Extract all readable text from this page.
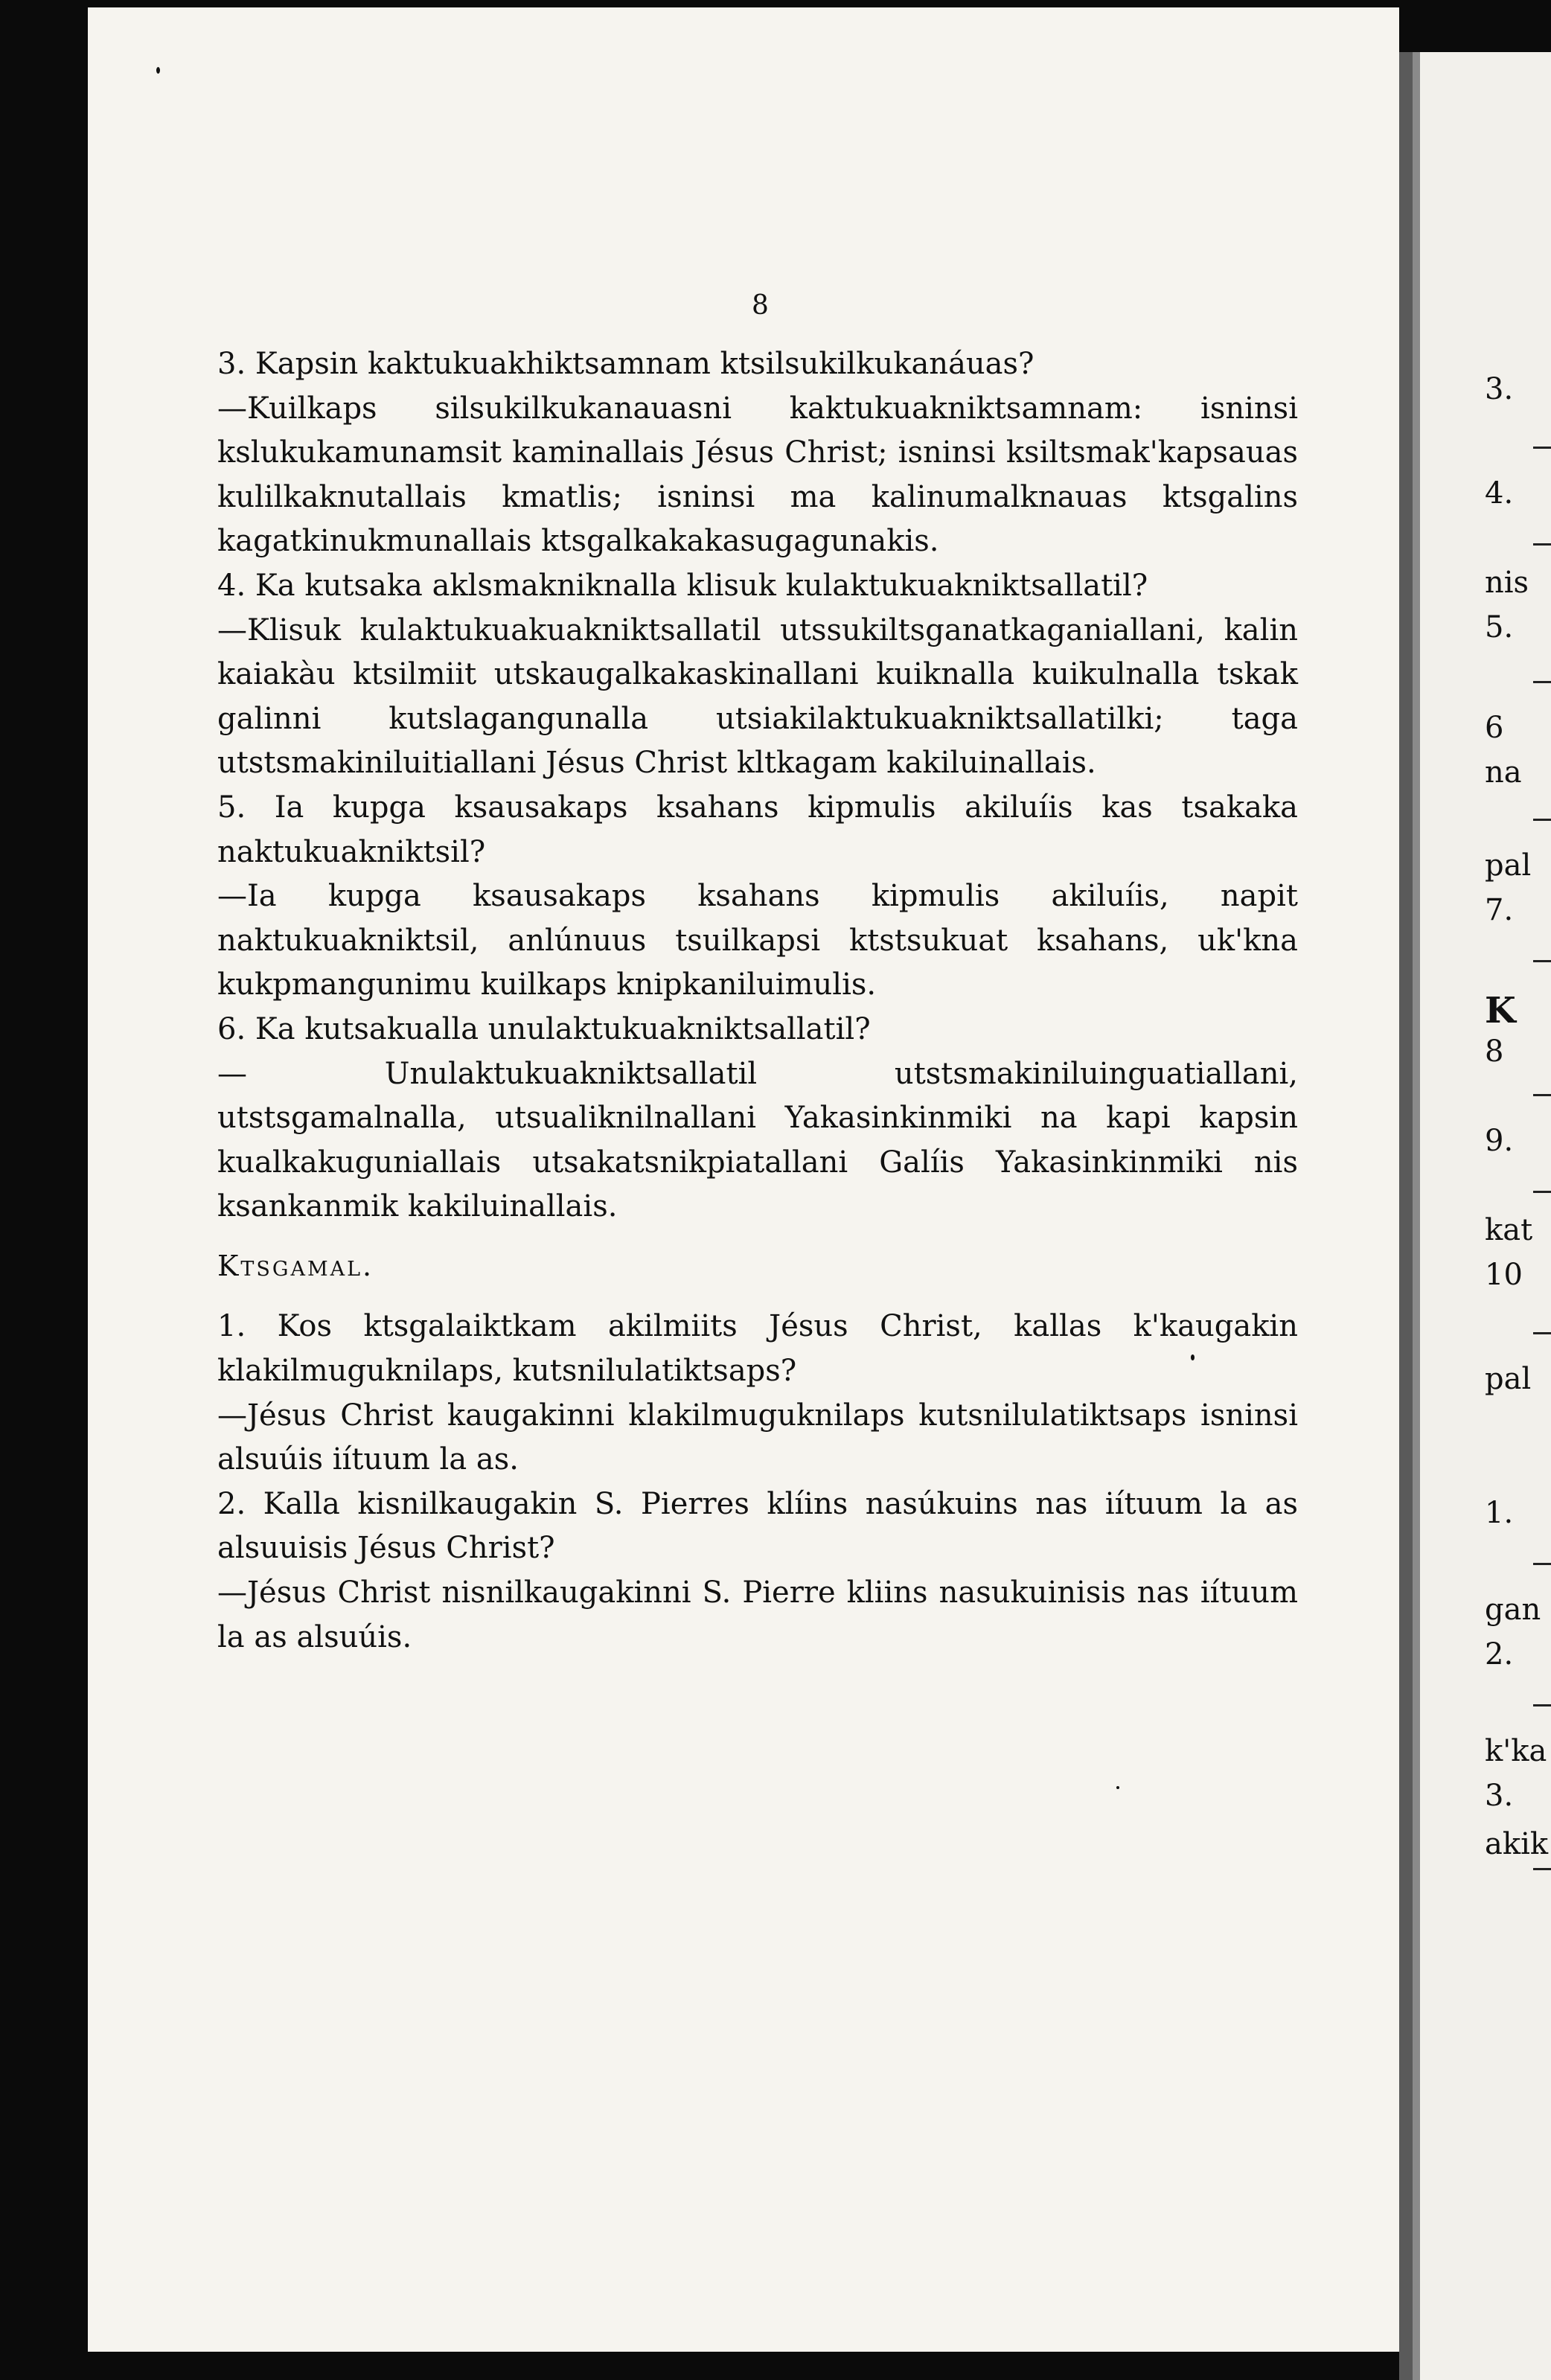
8

3. Kapsin kaktukuakhiktsamnam ktsilsukilkukanáuas?

—Kuilkaps silsukilkukanauasni kaktukuakniktsamnam: isninsi kslukukamunamsit kaminallais Jésus Christ; isninsi ksiltsmak'kapsauas kulilkaknutallais kmatlis; isninsi ma kalinumalknauas ktsgalins kagatkinukmunallais ktsgalkakakasugagunakis.

4. Ka kutsaka aklsmakniknalla klisuk kulaktukuakniktsallatil?

—Klisuk kulaktukuakuakniktsallatil utssukiltsganatkaganiallani, kalin kaiakàu ktsilmiit utskaugalkakaskinallani kuiknalla kuikulnalla tskak galinni kutslagangunalla utsiakilaktukuakniktsallatilki; taga utstsmakiniluitiallani Jésus Christ kltkagam kakiluinallais.

5. Ia kupga ksausakaps ksahans kipmulis akiluíis kas tsakaka naktukuakniktsil?

—Ia kupga ksausakaps ksahans kipmulis akiluíis, napit naktukuakniktsil, anlúnuus tsuilkapsi ktstsukuat ksahans, uk'kna kukpmangunimu kuilkaps knipkaniluimulis.

6. Ka kutsakualla unulaktukuakniktsallatil?

— Unulaktukuakniktsallatil utstsmakiniluinguatiallani, utstsgamalnalla, utsualiknilnallani Yakasinkinmiki na kapi kapsin kualkakuguniallais utsakatsnikpiatallani Galíis Yakasinkinmiki nis ksankanmik kakiluinallais.

Ktsgamal.

1. Kos ktsgalaiktkam akilmiits Jésus Christ, kallas k'kaugakin klakilmuguknilaps, kutsnilulatiktsaps?

—Jésus Christ kaugakinni klakilmuguknilaps kutsnilulatiktsaps isninsi alsuúis iítuum la as.

2. Kalla kisnilkaugakin S. Pierres klíins nasúkuins nas iítuum la as alsuuisis Jésus Christ?

—Jésus Christ nisnilkaugakinni S. Pierre kliins nasukuinisis nas iítuum la as alsuúis.

3.
4.
nis
5.
6
na
pal
7.
K
8
9.
kat
10
pal
1.
gan
2.
k'ka
3.
akik
